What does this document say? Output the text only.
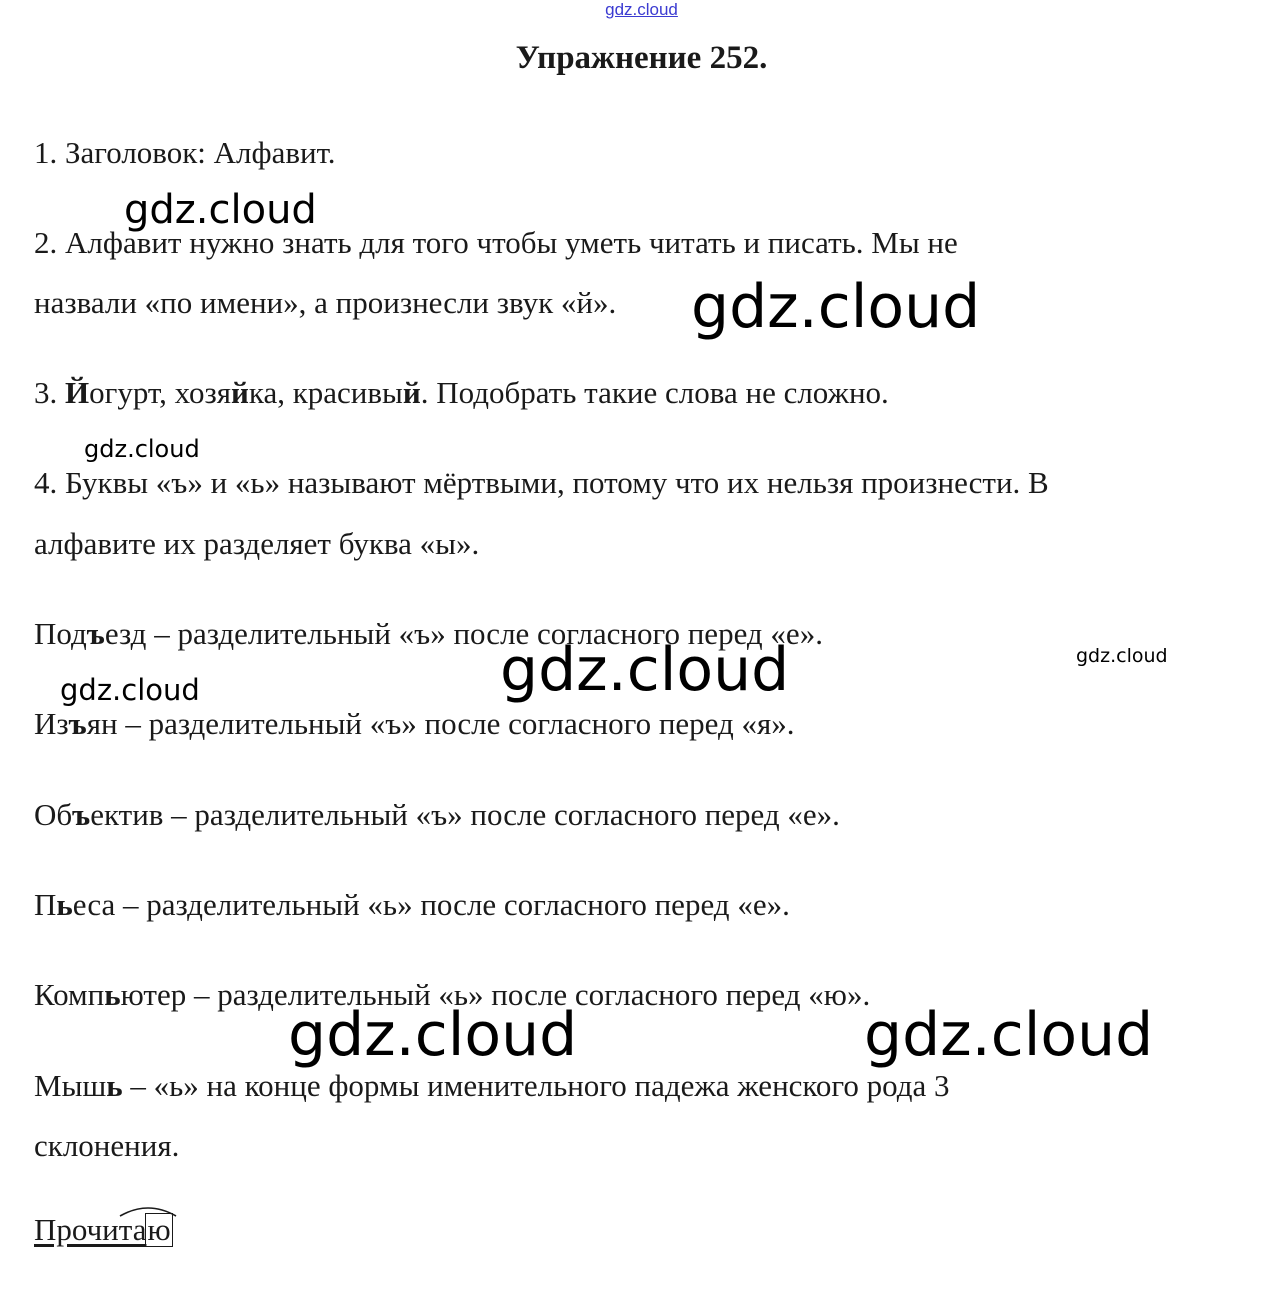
gdz.cloud
Упражнение 252.
1. Заголовок: Алфавит.
2. Алфавит нужно знать для того чтобы уметь читать и писать. Мы не
назвали «по имени», а произнесли звук «й».
3. Йогурт, хозяйка, красивый. Подобрать такие слова не сложно.
4. Буквы «ъ» и «ь» называют мёртвыми, потому что их нельзя произнести. В
алфавите их разделяет буква «ы».
Подъезд – разделительный «ъ» после согласного перед «е».
Изъян – разделительный «ъ» после согласного перед «я».
Объектив – разделительный «ъ» после согласного перед «е».
Пьеса – разделительный «ь» после согласного перед «е».
Компьютер – разделительный «ь» после согласного перед «ю».
Мышь – «ь» на конце формы именительного падежа женского рода 3
склонения.
Прочитаю
gdz.cloud
gdz.cloud
gdz.cloud
gdz.cloud	gdz.cloud
gdz.cloud
gdz.cloud	gdz.cloud
